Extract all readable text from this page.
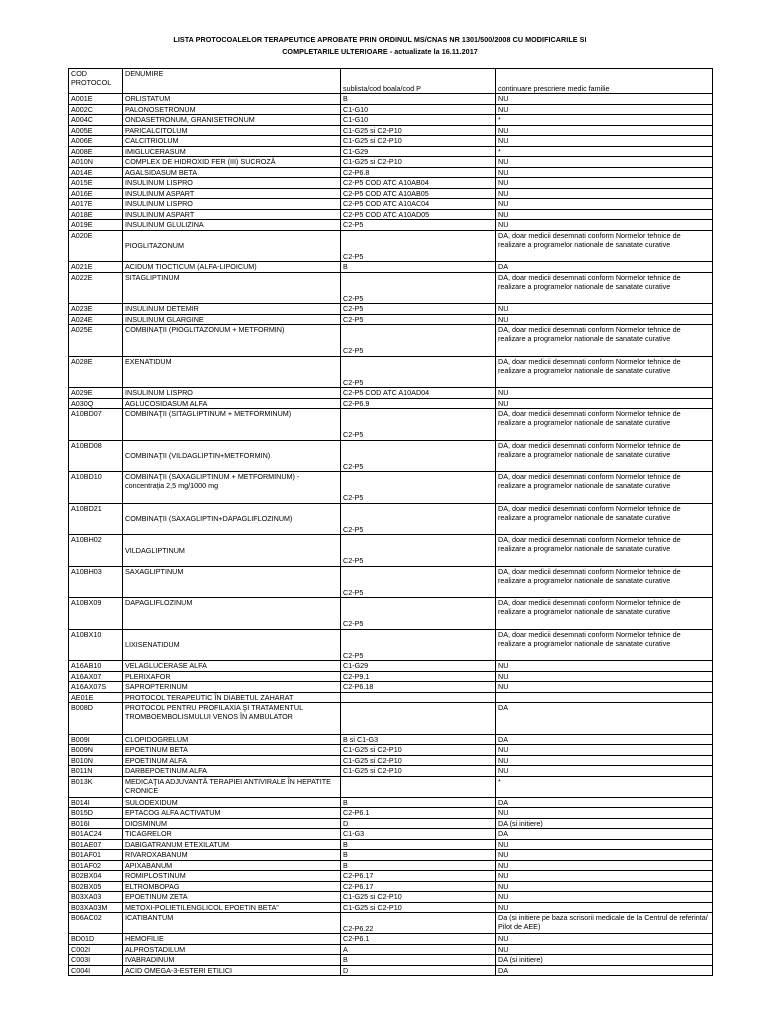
LISTA PROTOCOALELOR TERAPEUTICE APROBATE PRIN ORDINUL MS/CNAS NR 1301/500/2008 CU MODIFICARILE SI
COMPLETARILE ULTERIOARE - actualizate la 16.11.2017
COD PROTOCOL	DENUMIRE	sublista/cod boala/cod P	continuare prescriere medic familie
A001E	ORLISTATUM	B	NU
A002C	PALONOSETRONUM	C1-G10	NU
A004C	ONDASETRONUM, GRANISETRONUM	C1-G10	*
A005E	PARICALCITOLUM	C1-G25 si C2-P10	NU
A006E	CALCITRIOLUM	C1-G25 si C2-P10	NU
A008E	IMIGLUCERASUM	C1-G29	*
A010N	COMPLEX DE HIDROXID FER (III) SUCROZĂ	C1-G25 si C2-P10	NU
A014E	AGALSIDASUM BETA	C2-P6.8	NU
A015E	INSULINUM LISPRO	C2-P5 COD ATC A10AB04	NU
A016E	INSULINUM ASPART	C2-P5 COD ATC A10AB05	NU
A017E	INSULINUM LISPRO	C2-P5 COD ATC A10AC04	NU
A018E	INSULINUM ASPART	C2-P5 COD ATC A10AD05	NU
A019E	INSULINUM GLULIZINA	C2-P5	NU
A020E	PIOGLITAZONUM	C2-P5	DA, doar medicii desemnati conform Normelor tehnice de realizare a programelor nationale de sanatate curative
A021E	ACIDUM TIOCTICUM (ALFA-LIPOICUM)	B	DA
A022E	SITAGLIPTINUM	C2-P5	DA, doar medicii desemnati conform Normelor tehnice de realizare a programelor nationale de sanatate curative
A023E	INSULINUM DETEMIR	C2-P5	NU
A024E	INSULINUM GLARGINE	C2-P5	NU
A025E	COMBINAŢII (PIOGLITAZONUM + METFORMIN)	C2-P5	DA, doar medicii desemnati conform Normelor tehnice de realizare a programelor nationale de sanatate curative
A028E	EXENATIDUM	C2-P5	DA, doar medicii desemnati conform Normelor tehnice de realizare a programelor nationale de sanatate curative
A029E	INSULINUM LISPRO	C2-P5 COD ATC A10AD04	NU
A030Q	AGLUCOSIDASUM ALFA	C2-P6.9	NU
A10BD07	COMBINAŢII (SITAGLIPTINUM + METFORMINUM)	C2-P5	DA, doar medicii desemnati conform Normelor tehnice de realizare a programelor nationale de sanatate curative
A10BD08	COMBINAŢII (VILDAGLIPTIN+METFORMIN)	C2-P5	DA, doar medicii desemnati conform Normelor tehnice de realizare a programelor nationale de sanatate curative
A10BD10	COMBINAŢII (SAXAGLIPTINUM + METFORMINUM) - concentraţia 2,5 mg/1000 mg	C2-P5	DA, doar medicii desemnati conform Normelor tehnice de realizare a programelor nationale de sanatate curative
A10BD21	COMBINAŢII (SAXAGLIPTIN+DAPAGLIFLOZINUM)	C2-P5	DA, doar medicii desemnati conform Normelor tehnice de realizare a programelor nationale de sanatate curative
A10BH02	VILDAGLIPTINUM	C2-P5	DA, doar medicii desemnati conform Normelor tehnice de realizare a programelor nationale de sanatate curative
A10BH03	SAXAGLIPTINUM	C2-P5	DA, doar medicii desemnati conform Normelor tehnice de realizare a programelor nationale de sanatate curative
A10BX09	DAPAGLIFLOZINUM	C2-P5	DA, doar medicii desemnati conform Normelor tehnice de realizare a programelor nationale de sanatate curative
A10BX10	LIXISENATIDUM	C2-P5	DA, doar medicii desemnati conform Normelor tehnice de realizare a programelor nationale de sanatate curative
A16AB10	VELAGLUCERASE ALFA	C1-G29	NU
A16AX07	PLERIXAFOR	C2-P9.1	NU
A16AX07S	SAPROPTERINUM	C2-P6.18	NU
AE01E	PROTOCOL TERAPEUTIC ÎN DIABETUL ZAHARAT		
B008D	PROTOCOL PENTRU PROFILAXIA ŞI TRATAMENTUL TROMBOEMBOLISMULUI VENOS ÎN AMBULATOR		DA
B009I	CLOPIDOGRELUM	B si C1-G3	DA
B009N	EPOETINUM BETA	C1-G25 si C2-P10	NU
B010N	EPOETINUM ALFA	C1-G25 si C2-P10	NU
B011N	DARBEPOETINUM ALFA	C1-G25 si C2-P10	NU
B013K	MEDICAŢIA ADJUVANTĂ TERAPIEI ANTIVIRALE ÎN HEPATITE CRONICE		*
B014I	SULODEXIDUM	B	DA
B015D	EPTACOG ALFA ACTIVATUM	C2-P6.1	NU
B016I	DIOSMINUM	D	DA (si initiere)
B01AC24	TICAGRELOR	C1-G3	DA
B01AE07	DABIGATRANUM ETEXILATUM	B	NU
B01AF01	RIVAROXABANUM	B	NU
B01AF02	APIXABANUM	B	NU
B02BX04	ROMIPLOSTINUM	C2-P6.17	NU
B02BX05	ELTROMBOPAG	C2-P6.17	NU
B03XA03	EPOETINUM ZETA	C1-G25 si C2-P10	NU
B03XA03M	METOXI-POLIETILENGLICOL EPOETIN BETA"	C1-G25 si C2-P10	NU
B06AC02	ICATIBANTUM	C2-P6.22	Da (si initiere pe baza scrisorii medicale de la Centrul de referinta/ Pilot de AEE)
BD01D	HEMOFILIE	C2-P6.1	NU
C002I	ALPROSTADILUM	A	NU
C003I	IVABRADINUM	B	DA (si initiere)
C004I	ACID OMEGA-3-ESTERI ETILICI	D	DA
